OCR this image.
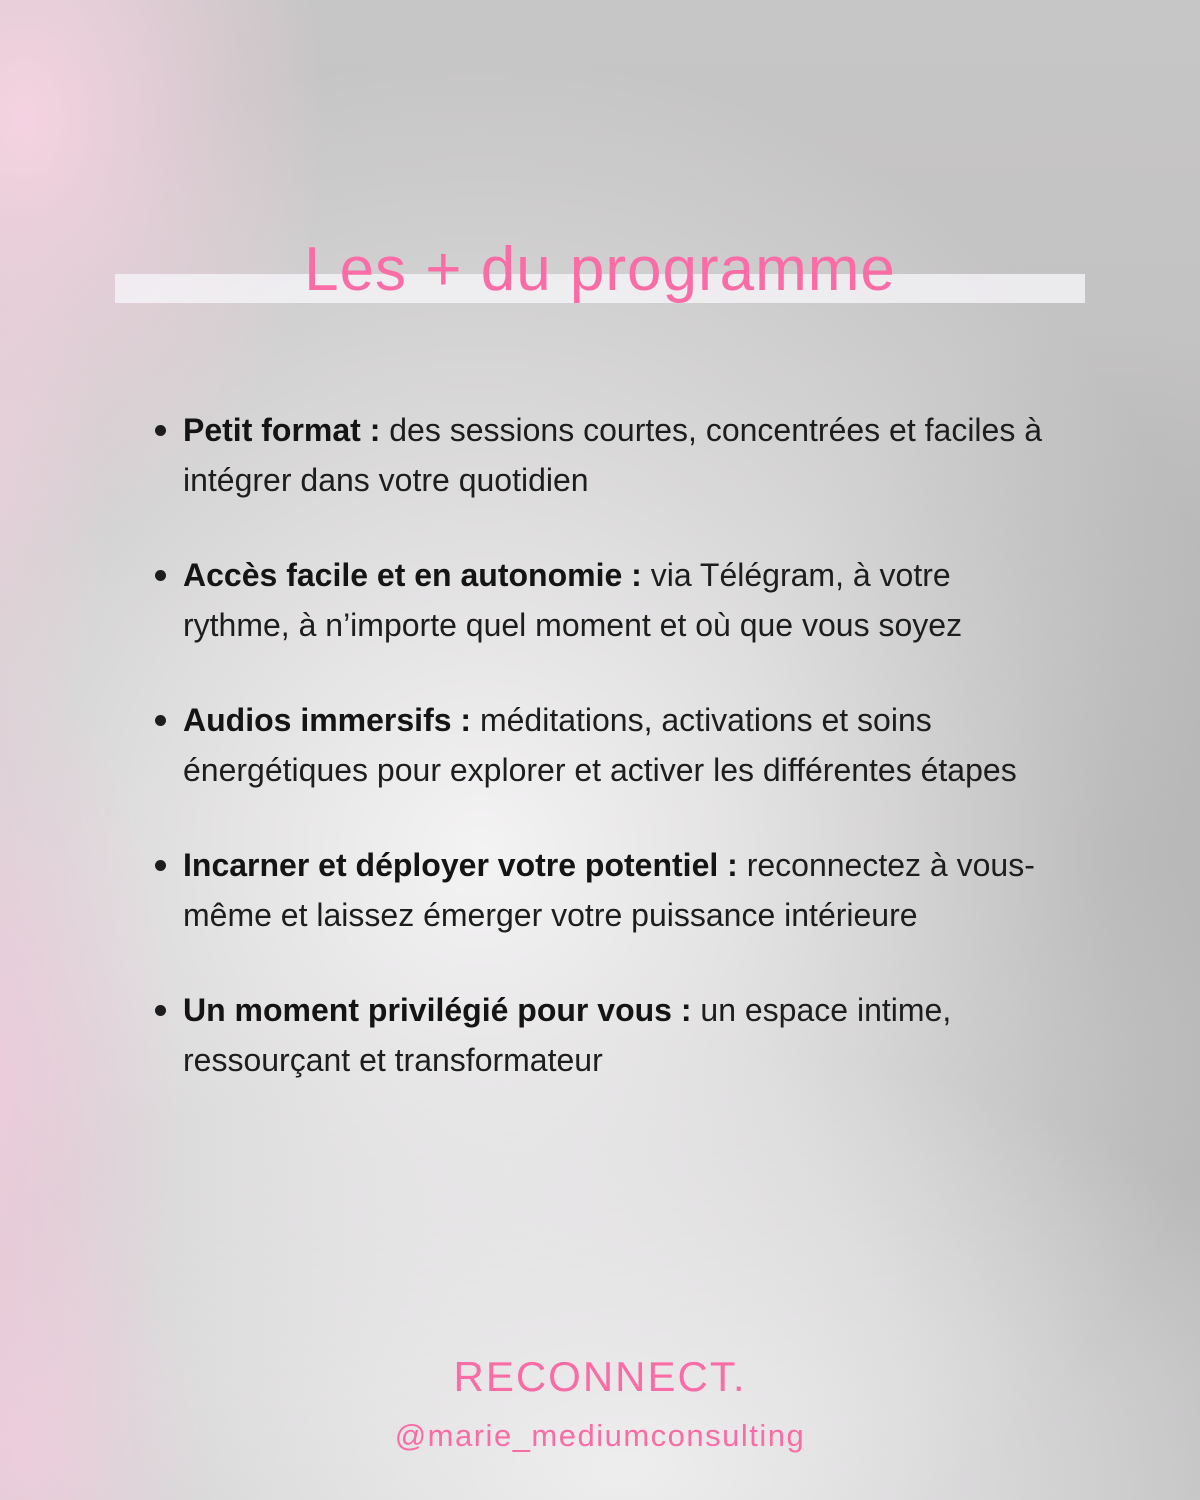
Les + du programme

Petit format : des sessions courtes, concentrées et faciles à intégrer dans votre quotidien

Accès facile et en autonomie : via Télégram, à votre rythme, à n’importe quel moment et où que vous soyez

Audios immersifs : méditations, activations et soins énergétiques pour explorer et activer les différentes étapes

Incarner et déployer votre potentiel : reconnectez à vous-même et laissez émerger votre puissance intérieure

Un moment privilégié pour vous : un espace intime, ressourçant et transformateur

RECONNECT.
@marie_mediumconsulting
